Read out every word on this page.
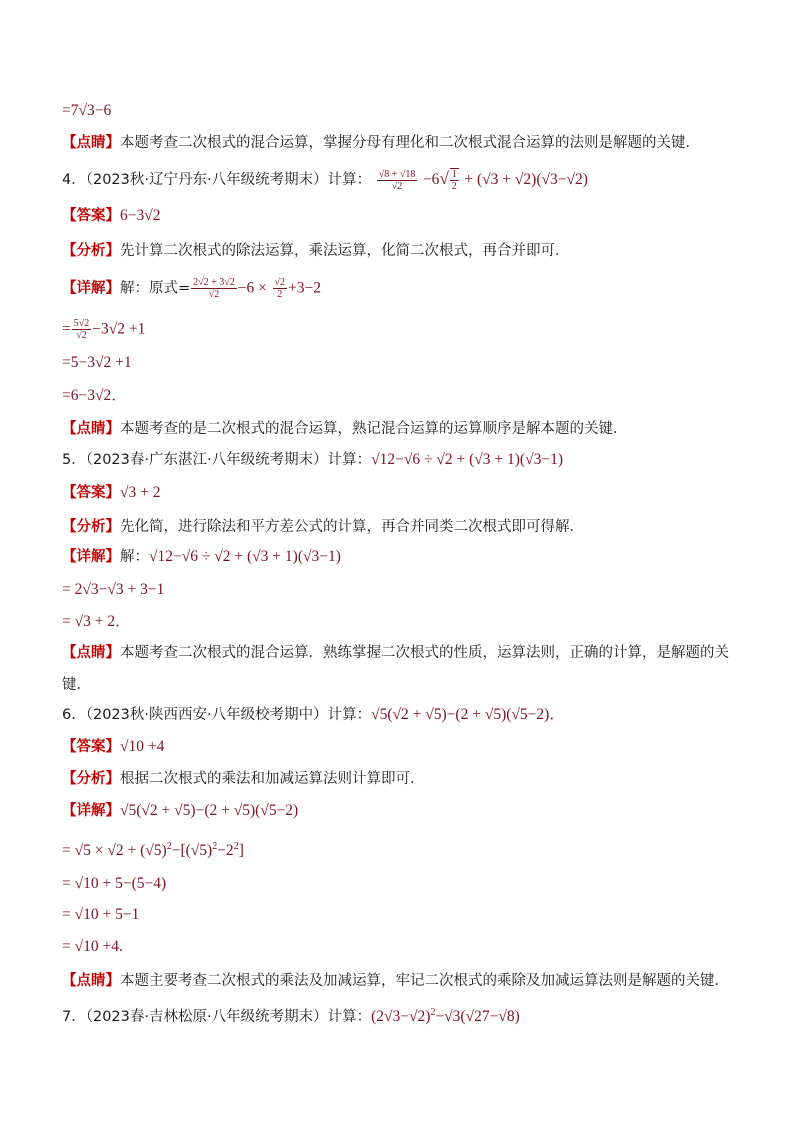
=7√3−6
【点睛】本题考查二次根式的混合运算，掌握分母有理化和二次根式混合运算的法则是解题的关键．
4．（2023秋·辽宁丹东·八年级统考期末）计算： $\frac{√8 + √18}{√2} -6√ \frac{1}{2} + (√3 + √2)(√3-√2)$
【答案】6−3√2
【分析】先计算二次根式的除法运算，乘法运算，化简二次根式，再合并即可．
【详解】解：原式= $\frac{2√2 + 3√2}{√2} -6 \times \frac{√2}{2} +3-2$
= $\frac{5√2}{√2} -3√2 +1$
=5−3√2 +1
=6−3√2．
【点睛】本题考查的是二次根式的混合运算，熟记混合运算的运算顺序是解本题的关键．
5．（2023春·广东湛江·八年级统考期末）计算：√12−√6 ÷ √2 + (√3 + 1)(√3−1)
【答案】√3 + 2
【分析】先化简，进行除法和平方差公式的计算，再合并同类二次根式即可得解．
【详解】解：√12−√6 ÷ √2 + (√3 + 1)(√3−1)
= 2√3−√3 + 3−1
= √3 + 2．
【点睛】本题考查二次根式的混合运算．熟练掌握二次根式的性质，运算法则，正确的计算，是解题的关
键．
6．（2023秋·陕西西安·八年级校考期中）计算：√5(√2 + √5)−(2 + √5)(√5−2)．
【答案】√10 +4
【分析】根据二次根式的乘法和加减运算法则计算即可．
【详解】√5(√2 + √5)−(2 + √5)(√5−2)
= $√5 \times √2 + (√5)^2-[(√5)^2-2^2]$
= √10 + 5−(5−4)
= √10 + 5−1
= √10 +4.
【点睛】本题主要考查二次根式的乘法及加减运算，牢记二次根式的乘除及加减运算法则是解题的关键．
7．（2023春·吉林松原·八年级统考期末）计算：$(2√3-√2)^2-√3(√27-√8)$
